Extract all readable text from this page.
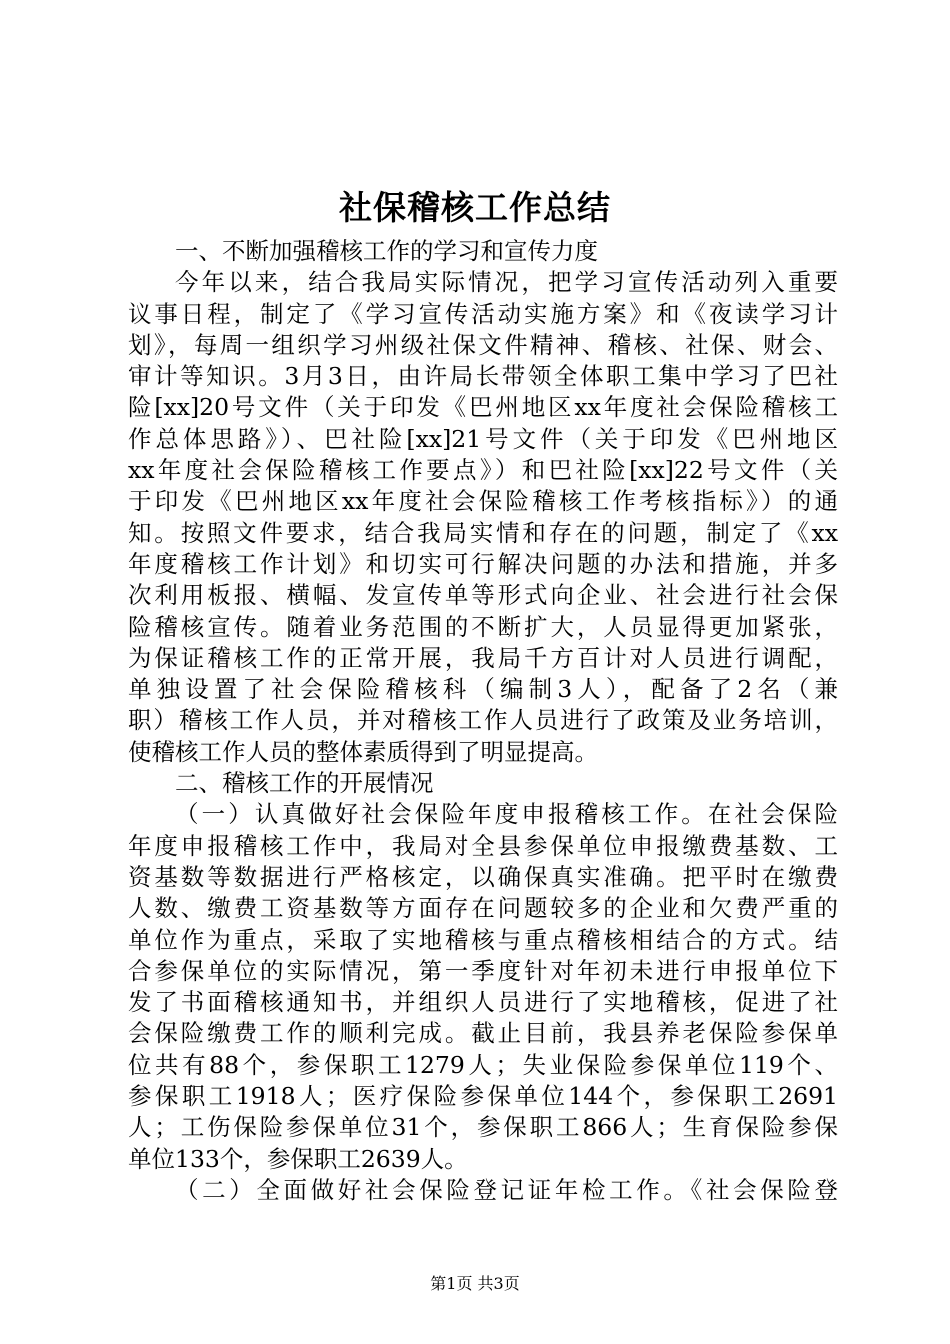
社保稽核工作总结
一、不断加强稽核工作的学习和宣传力度
今年以来，结合我局实际情况，把学习宣传活动列入重要
议事日程，制定了《学习宣传活动实施方案》和《夜读学习计
划》，每周一组织学习州级社保文件精神、稽核、社保、财会、
审计等知识。3月3日，由许局长带领全体职工集中学习了巴社
险[xx]20号文件（关于印发《巴州地区xx年度社会保险稽核工
作总体思路》）、巴社险[xx]21号文件（关于印发《巴州地区
xx年度社会保险稽核工作要点》）和巴社险[xx]22号文件（关
于印发《巴州地区xx年度社会保险稽核工作考核指标》）的通
知。按照文件要求，结合我局实情和存在的问题，制定了《xx
年度稽核工作计划》和切实可行解决问题的办法和措施，并多
次利用板报、横幅、发宣传单等形式向企业、社会进行社会保
险稽核宣传。随着业务范围的不断扩大，人员显得更加紧张，
为保证稽核工作的正常开展，我局千方百计对人员进行调配，
单独设置了社会保险稽核科（编制3人），配备了2名（兼
职）稽核工作人员，并对稽核工作人员进行了政策及业务培训，
使稽核工作人员的整体素质得到了明显提高。
二、稽核工作的开展情况
（一）认真做好社会保险年度申报稽核工作。在社会保险
年度申报稽核工作中，我局对全县参保单位申报缴费基数、工
资基数等数据进行严格核定，以确保真实准确。把平时在缴费
人数、缴费工资基数等方面存在问题较多的企业和欠费严重的
单位作为重点，采取了实地稽核与重点稽核相结合的方式。结
合参保单位的实际情况，第一季度针对年初未进行申报单位下
发了书面稽核通知书，并组织人员进行了实地稽核，促进了社
会保险缴费工作的顺利完成。截止目前，我县养老保险参保单
位共有88个，参保职工1279人；失业保险参保单位119个、
参保职工1918人；医疗保险参保单位144个，参保职工2691
人；工伤保险参保单位31个，参保职工866人；生育保险参保
单位133个，参保职工2639人。
（二）全面做好社会保险登记证年检工作。《社会保险登
第1页 共3页
